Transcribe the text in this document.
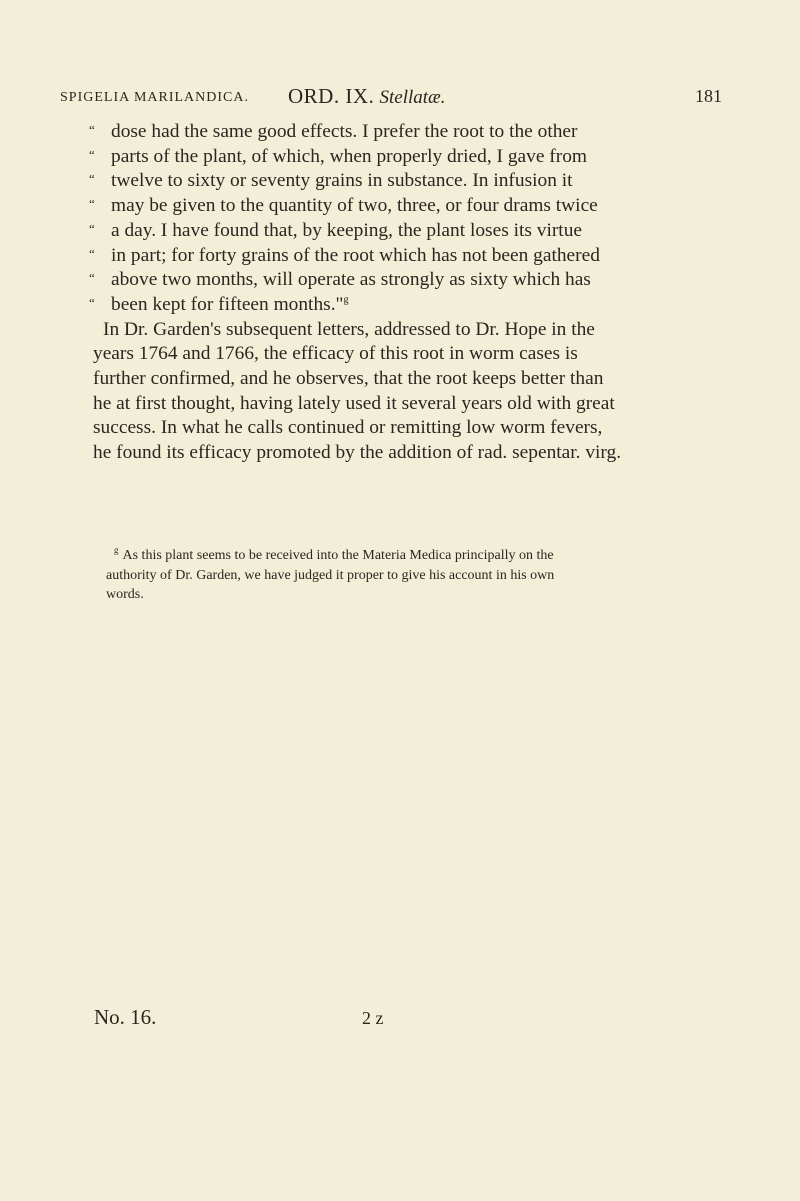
SPIGELIA MARILANDICA. ORD. IX. Stellatæ.	181
“ dose had the same good effects. I prefer the root to the other
“ parts of the plant, of which, when properly dried, I gave from
“ twelve to sixty or seventy grains in substance. In infusion it
“ may be given to the quantity of two, three, or four drams twice
“ a day. I have found that, by keeping, the plant loses its virtue
“ in part; for forty grains of the root which has not been gathered
“ above two months, will operate as strongly as sixty which has
“ been kept for fifteen months."$^g$
In Dr. Garden's subsequent letters, addressed to Dr. Hope in the
years 1764 and 1766, the efficacy of this root in worm cases is
further confirmed, and he observes, that the root keeps better than
he at first thought, having lately used it several years old with great
success. In what he calls continued or remitting low worm fevers,
he found its efficacy promoted by the addition of rad. sepentar. virg.
$^g$ As this plant seems to be received into the Materia Medica principally on the
authority of Dr. Garden, we have judged it proper to give his account in his own
words.
No. 16.	2 z
